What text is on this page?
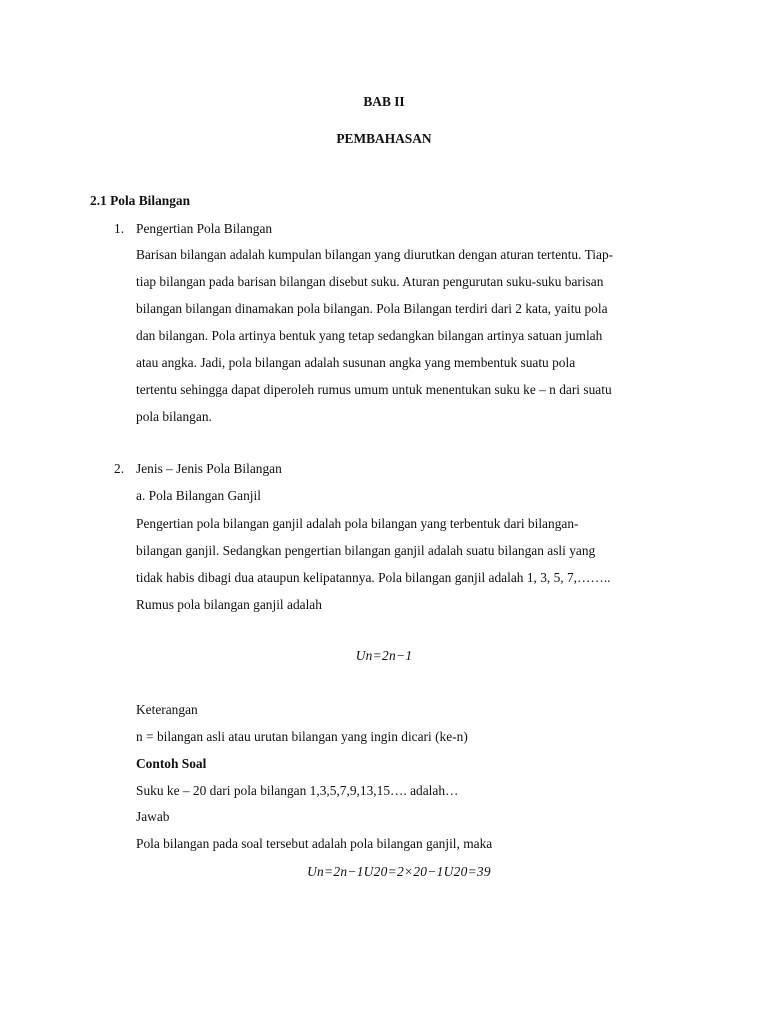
BAB II
PEMBAHASAN
2.1 Pola Bilangan
1. Pengertian Pola Bilangan
Barisan bilangan adalah kumpulan bilangan yang diurutkan dengan aturan tertentu. Tiap-
tiap bilangan pada barisan bilangan disebut suku. Aturan pengurutan suku-suku barisan
bilangan bilangan dinamakan pola bilangan. Pola Bilangan terdiri dari 2 kata, yaitu pola
dan bilangan. Pola artinya bentuk yang tetap sedangkan bilangan artinya satuan jumlah
atau angka. Jadi, pola bilangan adalah susunan angka yang membentuk suatu pola
tertentu sehingga dapat diperoleh rumus umum untuk menentukan suku ke – n dari suatu
pola bilangan.
2. Jenis – Jenis Pola Bilangan
a. Pola Bilangan Ganjil
Pengertian pola bilangan ganjil adalah pola bilangan yang terbentuk dari bilangan-
bilangan ganjil. Sedangkan pengertian bilangan ganjil adalah suatu bilangan asli yang
tidak habis dibagi dua ataupun kelipatannya. Pola bilangan ganjil adalah 1, 3, 5, 7,……..
Rumus pola bilangan ganjil adalah
Un=2n−1
Keterangan
n = bilangan asli atau urutan bilangan yang ingin dicari (ke-n)
Contoh Soal
Suku ke – 20 dari pola bilangan 1,3,5,7,9,13,15…. adalah…
Jawab
Pola bilangan pada soal tersebut adalah pola bilangan ganjil, maka
Un=2n−1U20=2×20−1U20=39
